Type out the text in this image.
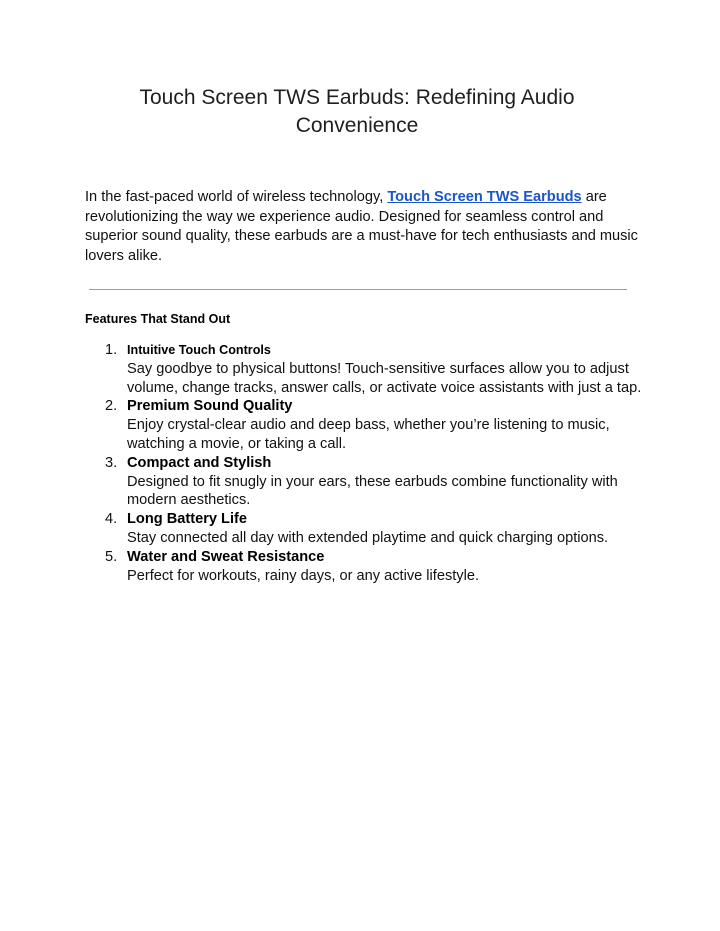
Touch Screen TWS Earbuds: Redefining Audio Convenience

In the fast-paced world of wireless technology, Touch Screen TWS Earbuds are revolutionizing the way we experience audio. Designed for seamless control and superior sound quality, these earbuds are a must-have for tech enthusiasts and music lovers alike.

Features That Stand Out
1. Intuitive Touch Controls
Say goodbye to physical buttons! Touch-sensitive surfaces allow you to adjust volume, change tracks, answer calls, or activate voice assistants with just a tap.
2. Premium Sound Quality
Enjoy crystal-clear audio and deep bass, whether you’re listening to music, watching a movie, or taking a call.
3. Compact and Stylish
Designed to fit snugly in your ears, these earbuds combine functionality with modern aesthetics.
4. Long Battery Life
Stay connected all day with extended playtime and quick charging options.
5. Water and Sweat Resistance
Perfect for workouts, rainy days, or any active lifestyle.
